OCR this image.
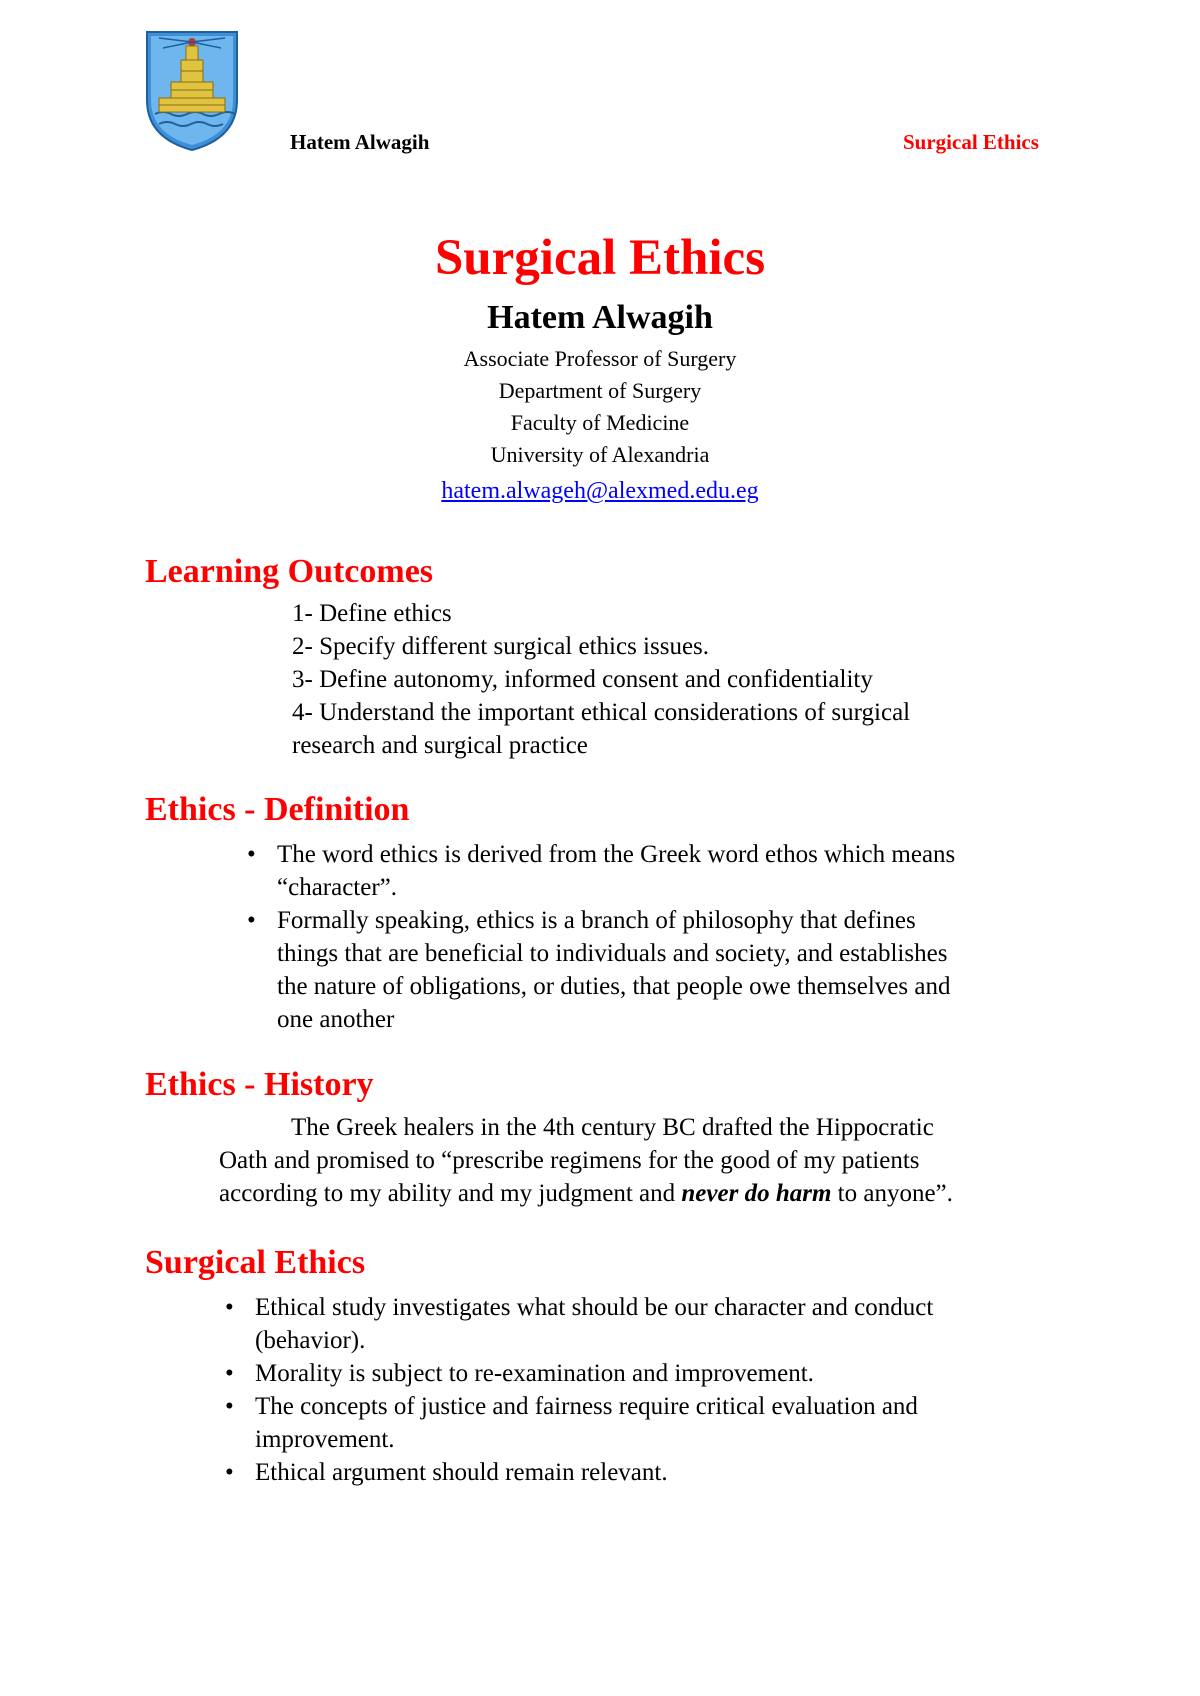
Hatem Alwagih	Surgical Ethics
Surgical Ethics
Hatem Alwagih
Associate Professor of Surgery
Department of Surgery
Faculty of Medicine
University of Alexandria
hatem.alwageh@alexmed.edu.eg
Learning Outcomes
1- Define ethics
2- Specify different surgical ethics issues.
3- Define autonomy, informed consent and confidentiality
4- Understand the important ethical considerations of surgical
research and surgical practice
Ethics - Definition
• The word ethics is derived from the Greek word ethos which means
“character”.
• Formally speaking, ethics is a branch of philosophy that defines
things that are beneficial to individuals and society, and establishes
the nature of obligations, or duties, that people owe themselves and
one another
Ethics - History
The Greek healers in the 4th century BC drafted the Hippocratic
Oath and promised to “prescribe regimens for the good of my patients
according to my ability and my judgment and never do harm to anyone”.
Surgical Ethics
• Ethical study investigates what should be our character and conduct
(behavior).
• Morality is subject to re-examination and improvement.
• The concepts of justice and fairness require critical evaluation and
improvement.
• Ethical argument should remain relevant.
